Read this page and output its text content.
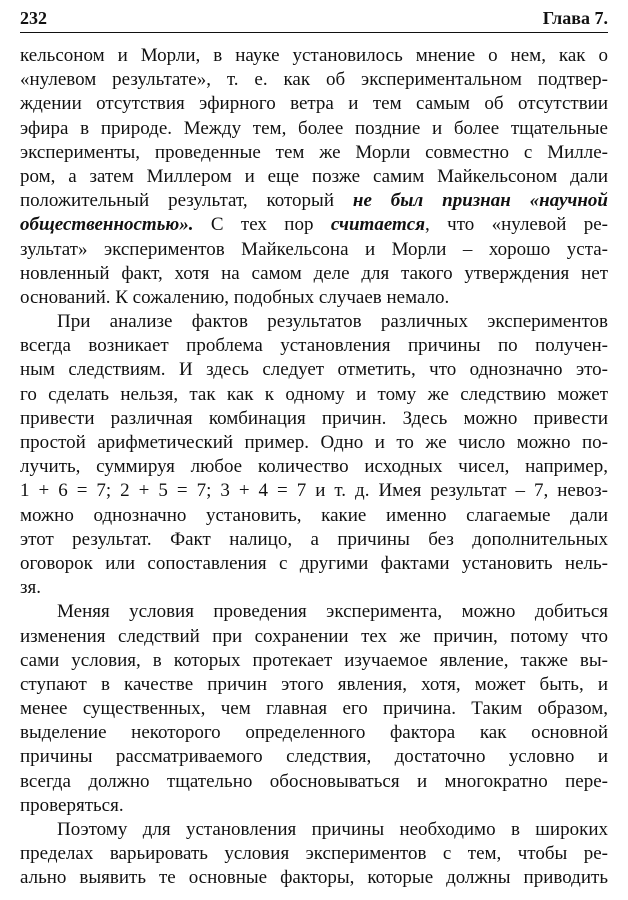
232	Глава 7.
кельсоном и Морли, в науке установилось мнение о нем, как о
«нулевом результате», т. е. как об экспериментальном подтвер-
ждении отсутствия эфирного ветра и тем самым об отсутствии
эфира в природе. Между тем, более поздние и более тщательные
эксперименты, проведенные тем же Морли совместно с Милле-
ром, а затем Миллером и еще позже самим Майкельсоном дали
положительный результат, который не был признан «научной
общественностью». С тех пор считается, что «нулевой ре-
зультат» экспериментов Майкельсона и Морли – хорошо уста-
новленный факт, хотя на самом деле для такого утверждения нет
оснований. К сожалению, подобных случаев немало.
При анализе фактов результатов различных экспериментов
всегда возникает проблема установления причины по получен-
ным следствиям. И здесь следует отметить, что однозначно это-
го сделать нельзя, так как к одному и тому же следствию может
привести различная комбинация причин. Здесь можно привести
простой арифметический пример. Одно и то же число можно по-
лучить, суммируя любое количество исходных чисел, например,
1 + 6 = 7; 2 + 5 = 7; 3 + 4 = 7 и т. д. Имея результат – 7, невоз-
можно однозначно установить, какие именно слагаемые дали
этот результат. Факт налицо, а причины без дополнительных
оговорок или сопоставления с другими фактами установить нель-
зя.
Меняя условия проведения эксперимента, можно добиться
изменения следствий при сохранении тех же причин, потому что
сами условия, в которых протекает изучаемое явление, также вы-
ступают в качестве причин этого явления, хотя, может быть, и
менее существенных, чем главная его причина. Таким образом,
выделение некоторого определенного фактора как основной
причины рассматриваемого следствия, достаточно условно и
всегда должно тщательно обосновываться и многократно пере-
проверяться.
Поэтому для установления причины необходимо в широких
пределах варьировать условия экспериментов с тем, чтобы ре-
ально выявить те основные факторы, которые должны приводить
